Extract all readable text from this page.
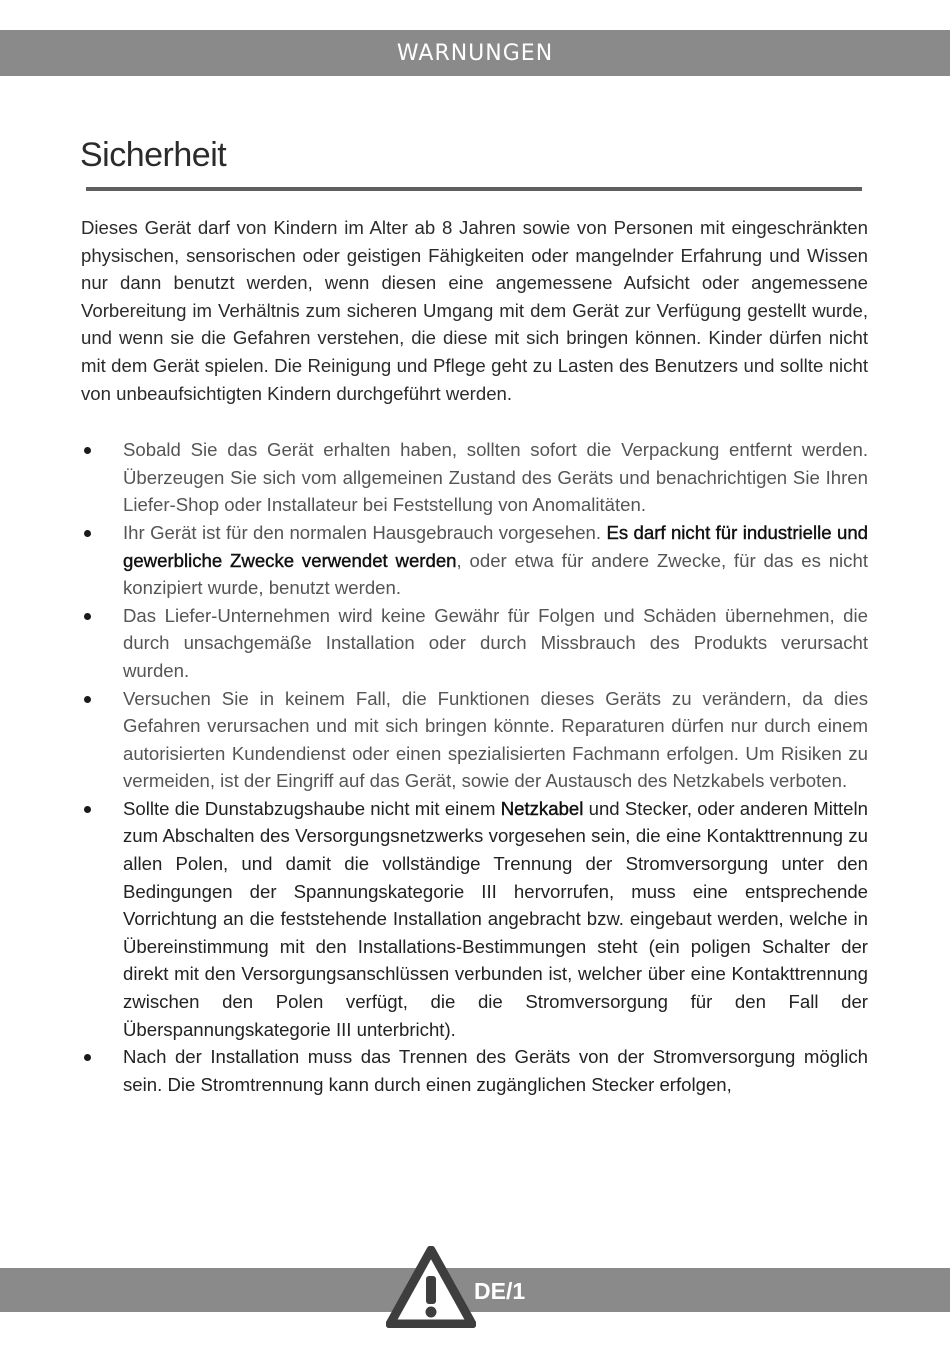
WARNUNGEN
Sicherheit

Dieses Gerät darf von Kindern im Alter ab 8 Jahren sowie von Personen mit eingeschränkten physischen, sensorischen oder geistigen Fähigkeiten oder mangelnder Erfahrung und Wissen nur dann benutzt werden, wenn diesen eine angemessene Aufsicht oder angemessene Vorbereitung im Verhältnis zum sicheren Umgang mit dem Gerät zur Verfügung gestellt wurde, und wenn sie die Gefahren verstehen, die diese mit sich bringen können. Kinder dürfen nicht mit dem Gerät spielen. Die Reinigung und Pflege geht zu Lasten des Benutzers und sollte nicht von unbeaufsichtigten Kindern durchgeführt werden.

Sobald Sie das Gerät erhalten haben, sollten sofort die Verpackung entfernt werden. Überzeugen Sie sich vom allgemeinen Zustand des Geräts und benachrichtigen Sie Ihren Liefer-Shop oder Installateur bei Feststellung von Anomalitäten.
Ihr Gerät ist für den normalen Hausgebrauch vorgesehen. Es darf nicht für industrielle und gewerbliche Zwecke verwendet werden, oder etwa für andere Zwecke, für das es nicht konzipiert wurde, benutzt werden.
Das Liefer-Unternehmen wird keine Gewähr für Folgen und Schäden übernehmen, die durch unsachgemäße Installation oder durch Missbrauch des Produkts verursacht wurden.
Versuchen Sie in keinem Fall, die Funktionen dieses Geräts zu verändern, da dies Gefahren verursachen und mit sich bringen könnte. Reparaturen dürfen nur durch einem autorisierten Kundendienst oder einen spezialisierten Fachmann erfolgen. Um Risiken zu vermeiden, ist der Eingriff auf das Gerät, sowie der Austausch des Netzkabels verboten.
Sollte die Dunstabzugshaube nicht mit einem Netzkabel und Stecker, oder anderen Mitteln zum Abschalten des Versorgungsnetzwerks vorgesehen sein, die eine Kontakttrennung zu allen Polen, und damit die vollständige Trennung der Stromversorgung unter den Bedingungen der Spannungskategorie III hervorrufen, muss eine entsprechende Vorrichtung an die feststehende Installation angebracht bzw. eingebaut werden, welche in Übereinstimmung mit den Installations-Bestimmungen steht (ein poligen Schalter der direkt mit den Versorgungsanschlüssen verbunden ist, welcher über eine Kontakttrennung zwischen den Polen verfügt, die die Stromversorgung für den Fall der Überspannungskategorie III unterbricht).
Nach der Installation muss das Trennen des Geräts von der Stromversorgung möglich sein. Die Stromtrennung kann durch einen zugänglichen Stecker erfolgen,
DE/1
